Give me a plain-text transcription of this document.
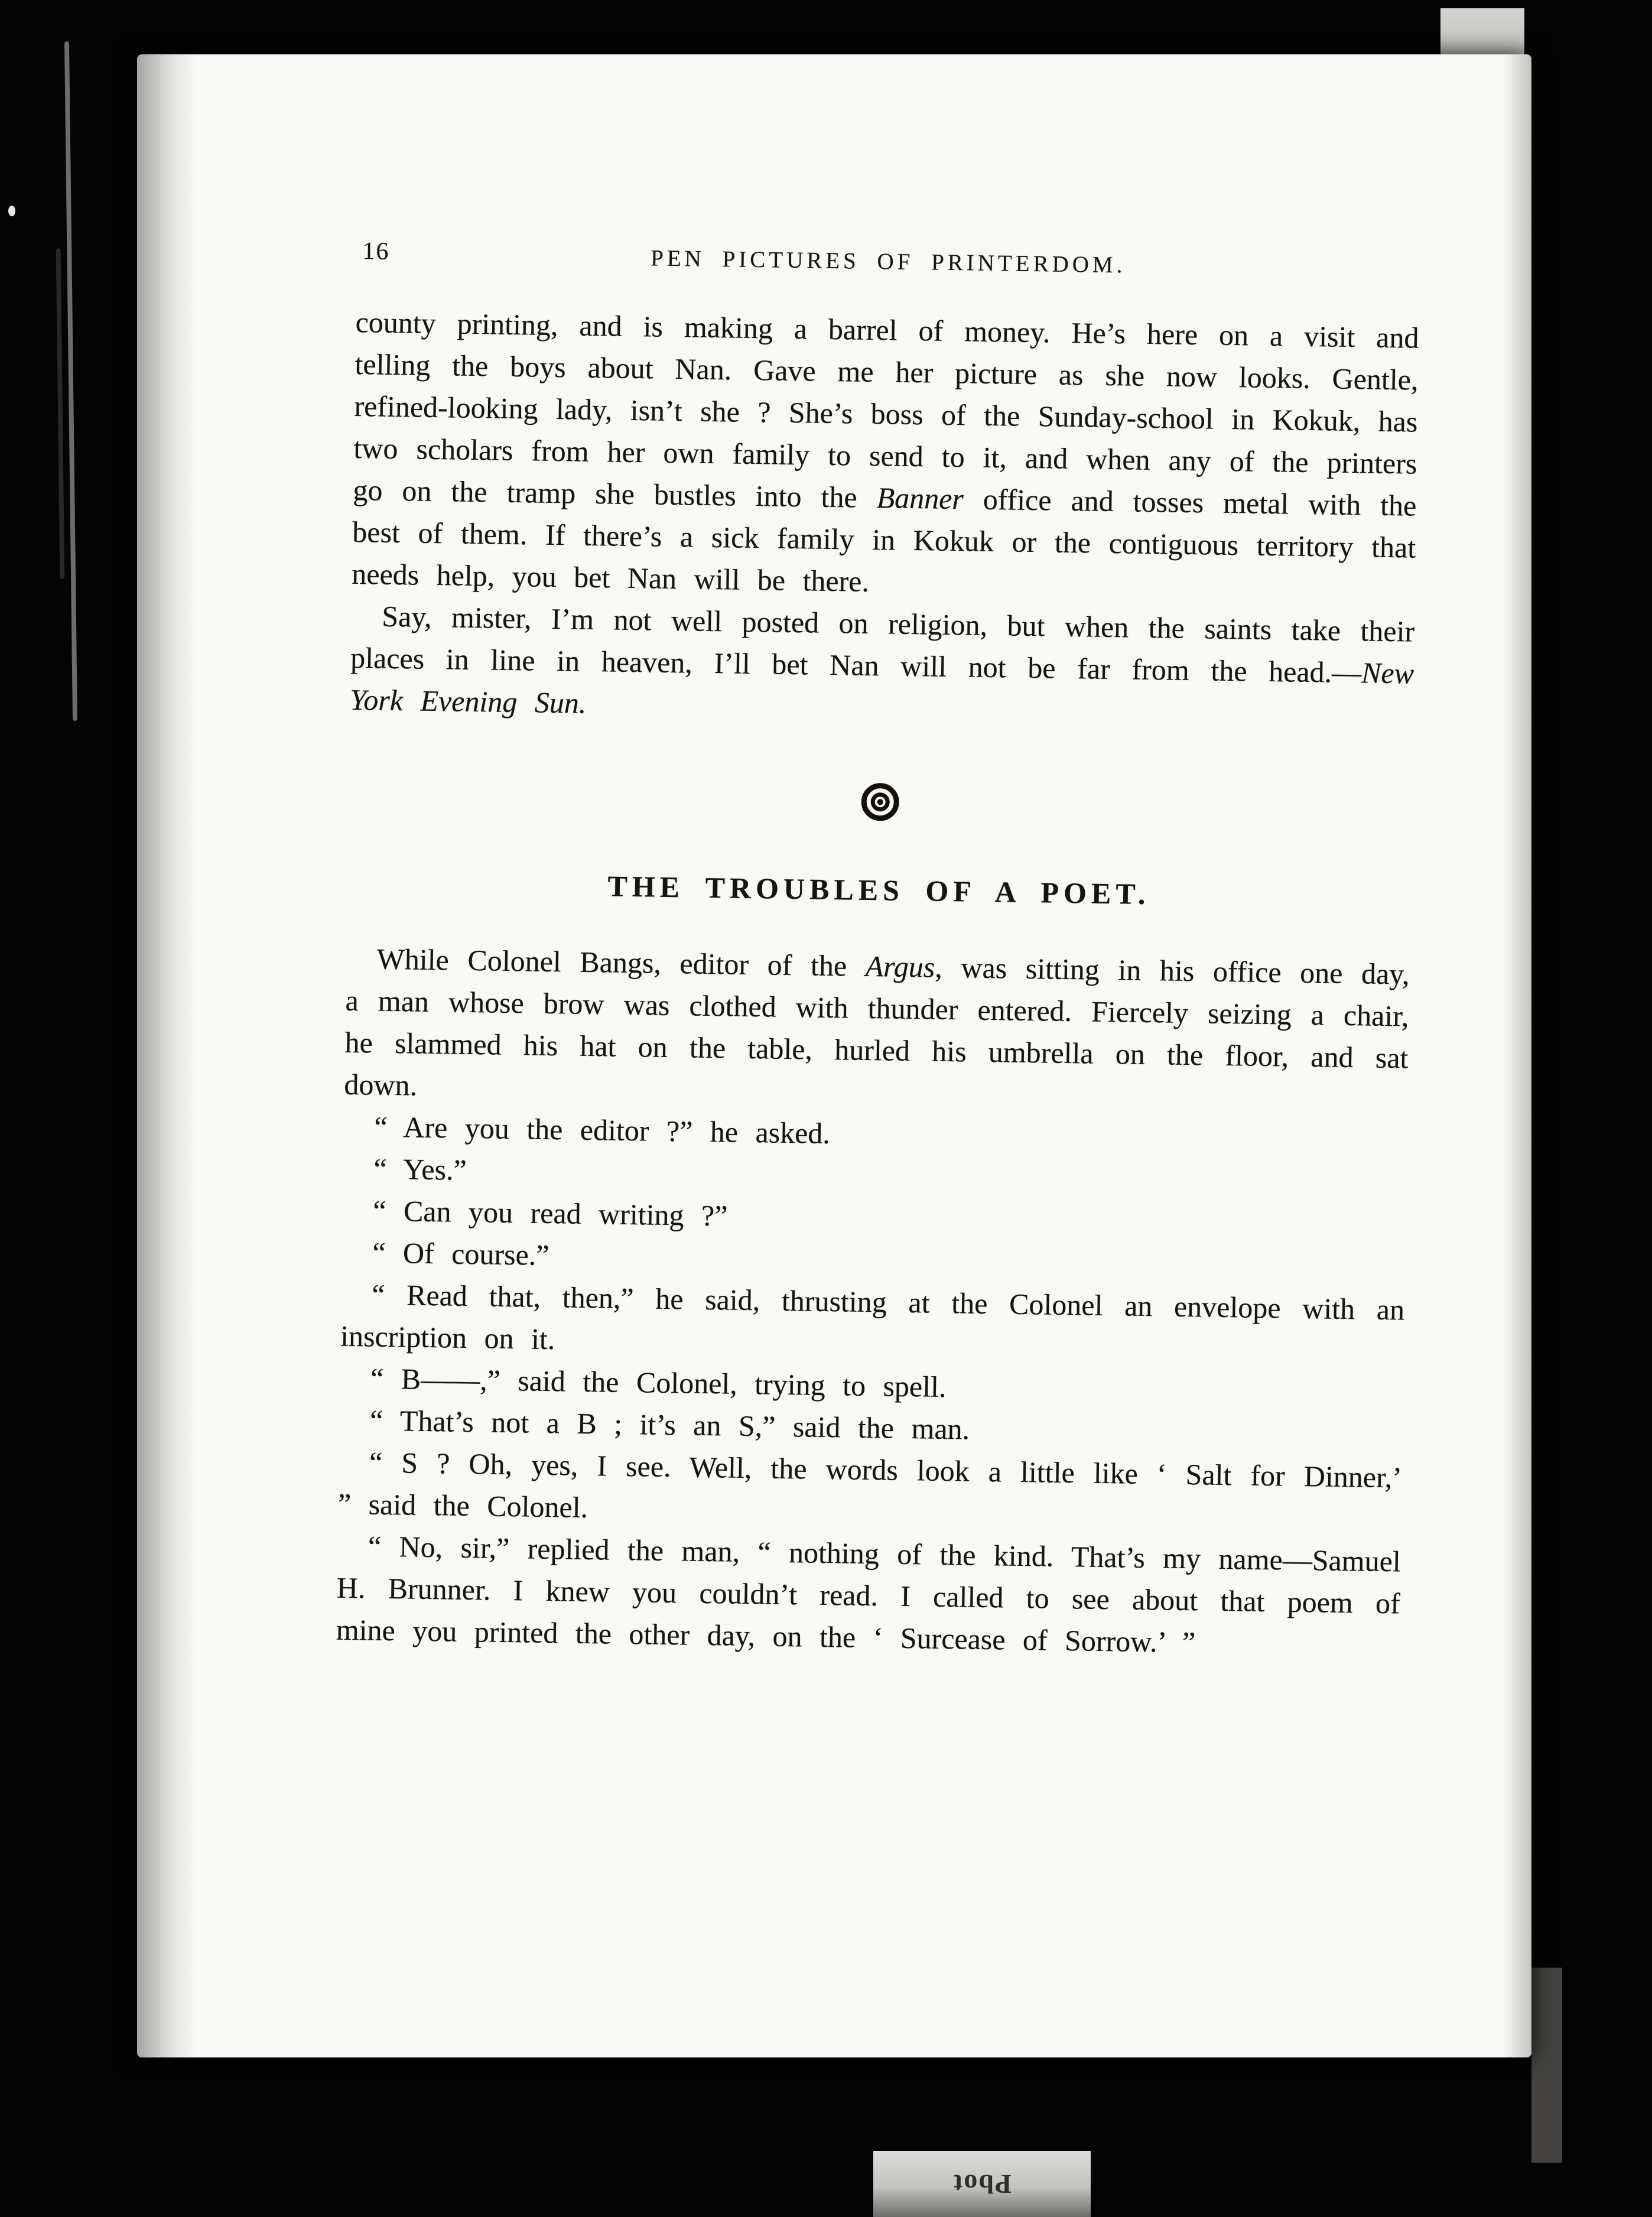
Pbot
16	PEN PICTURES OF PRINTERDOM.

county printing, and is making a barrel of money. He’s here on a visit and telling the boys about Nan. Gave me her picture as she now looks. Gentle, refined-looking lady, isn’t she ? She’s boss of the Sunday-school in Kokuk, has two scholars from her own family to send to it, and when any of the printers go on the tramp she bustles into the Banner office and tosses metal with the best of them. If there’s a sick family in Kokuk or the contiguous territory that needs help, you bet Nan will be there.

Say, mister, I’m not well posted on religion, but when the saints take their places in line in heaven, I’ll bet Nan will not be far from the head.—New York Evening Sun.

THE TROUBLES OF A POET.

While Colonel Bangs, editor of the Argus, was sitting in his office one day, a man whose brow was clothed with thunder entered. Fiercely seizing a chair, he slammed his hat on the table, hurled his umbrella on the floor, and sat down.

“ Are you the editor ?” he asked.

“ Yes.”

“ Can you read writing ?”

“ Of course.”

“ Read that, then,” he said, thrusting at the Colonel an envelope with an inscription on it.

“ B——,” said the Colonel, trying to spell.

“ That’s not a B ; it’s an S,” said the man.

“ S ? Oh, yes, I see. Well, the words look a little like ‘ Salt for Dinner,’ ” said the Colonel.

“ No, sir,” replied the man, “ nothing of the kind. That’s my name—Samuel H. Brunner. I knew you couldn’t read. I called to see about that poem of mine you printed the other day, on the ‘ Surcease of Sorrow.’ ”
